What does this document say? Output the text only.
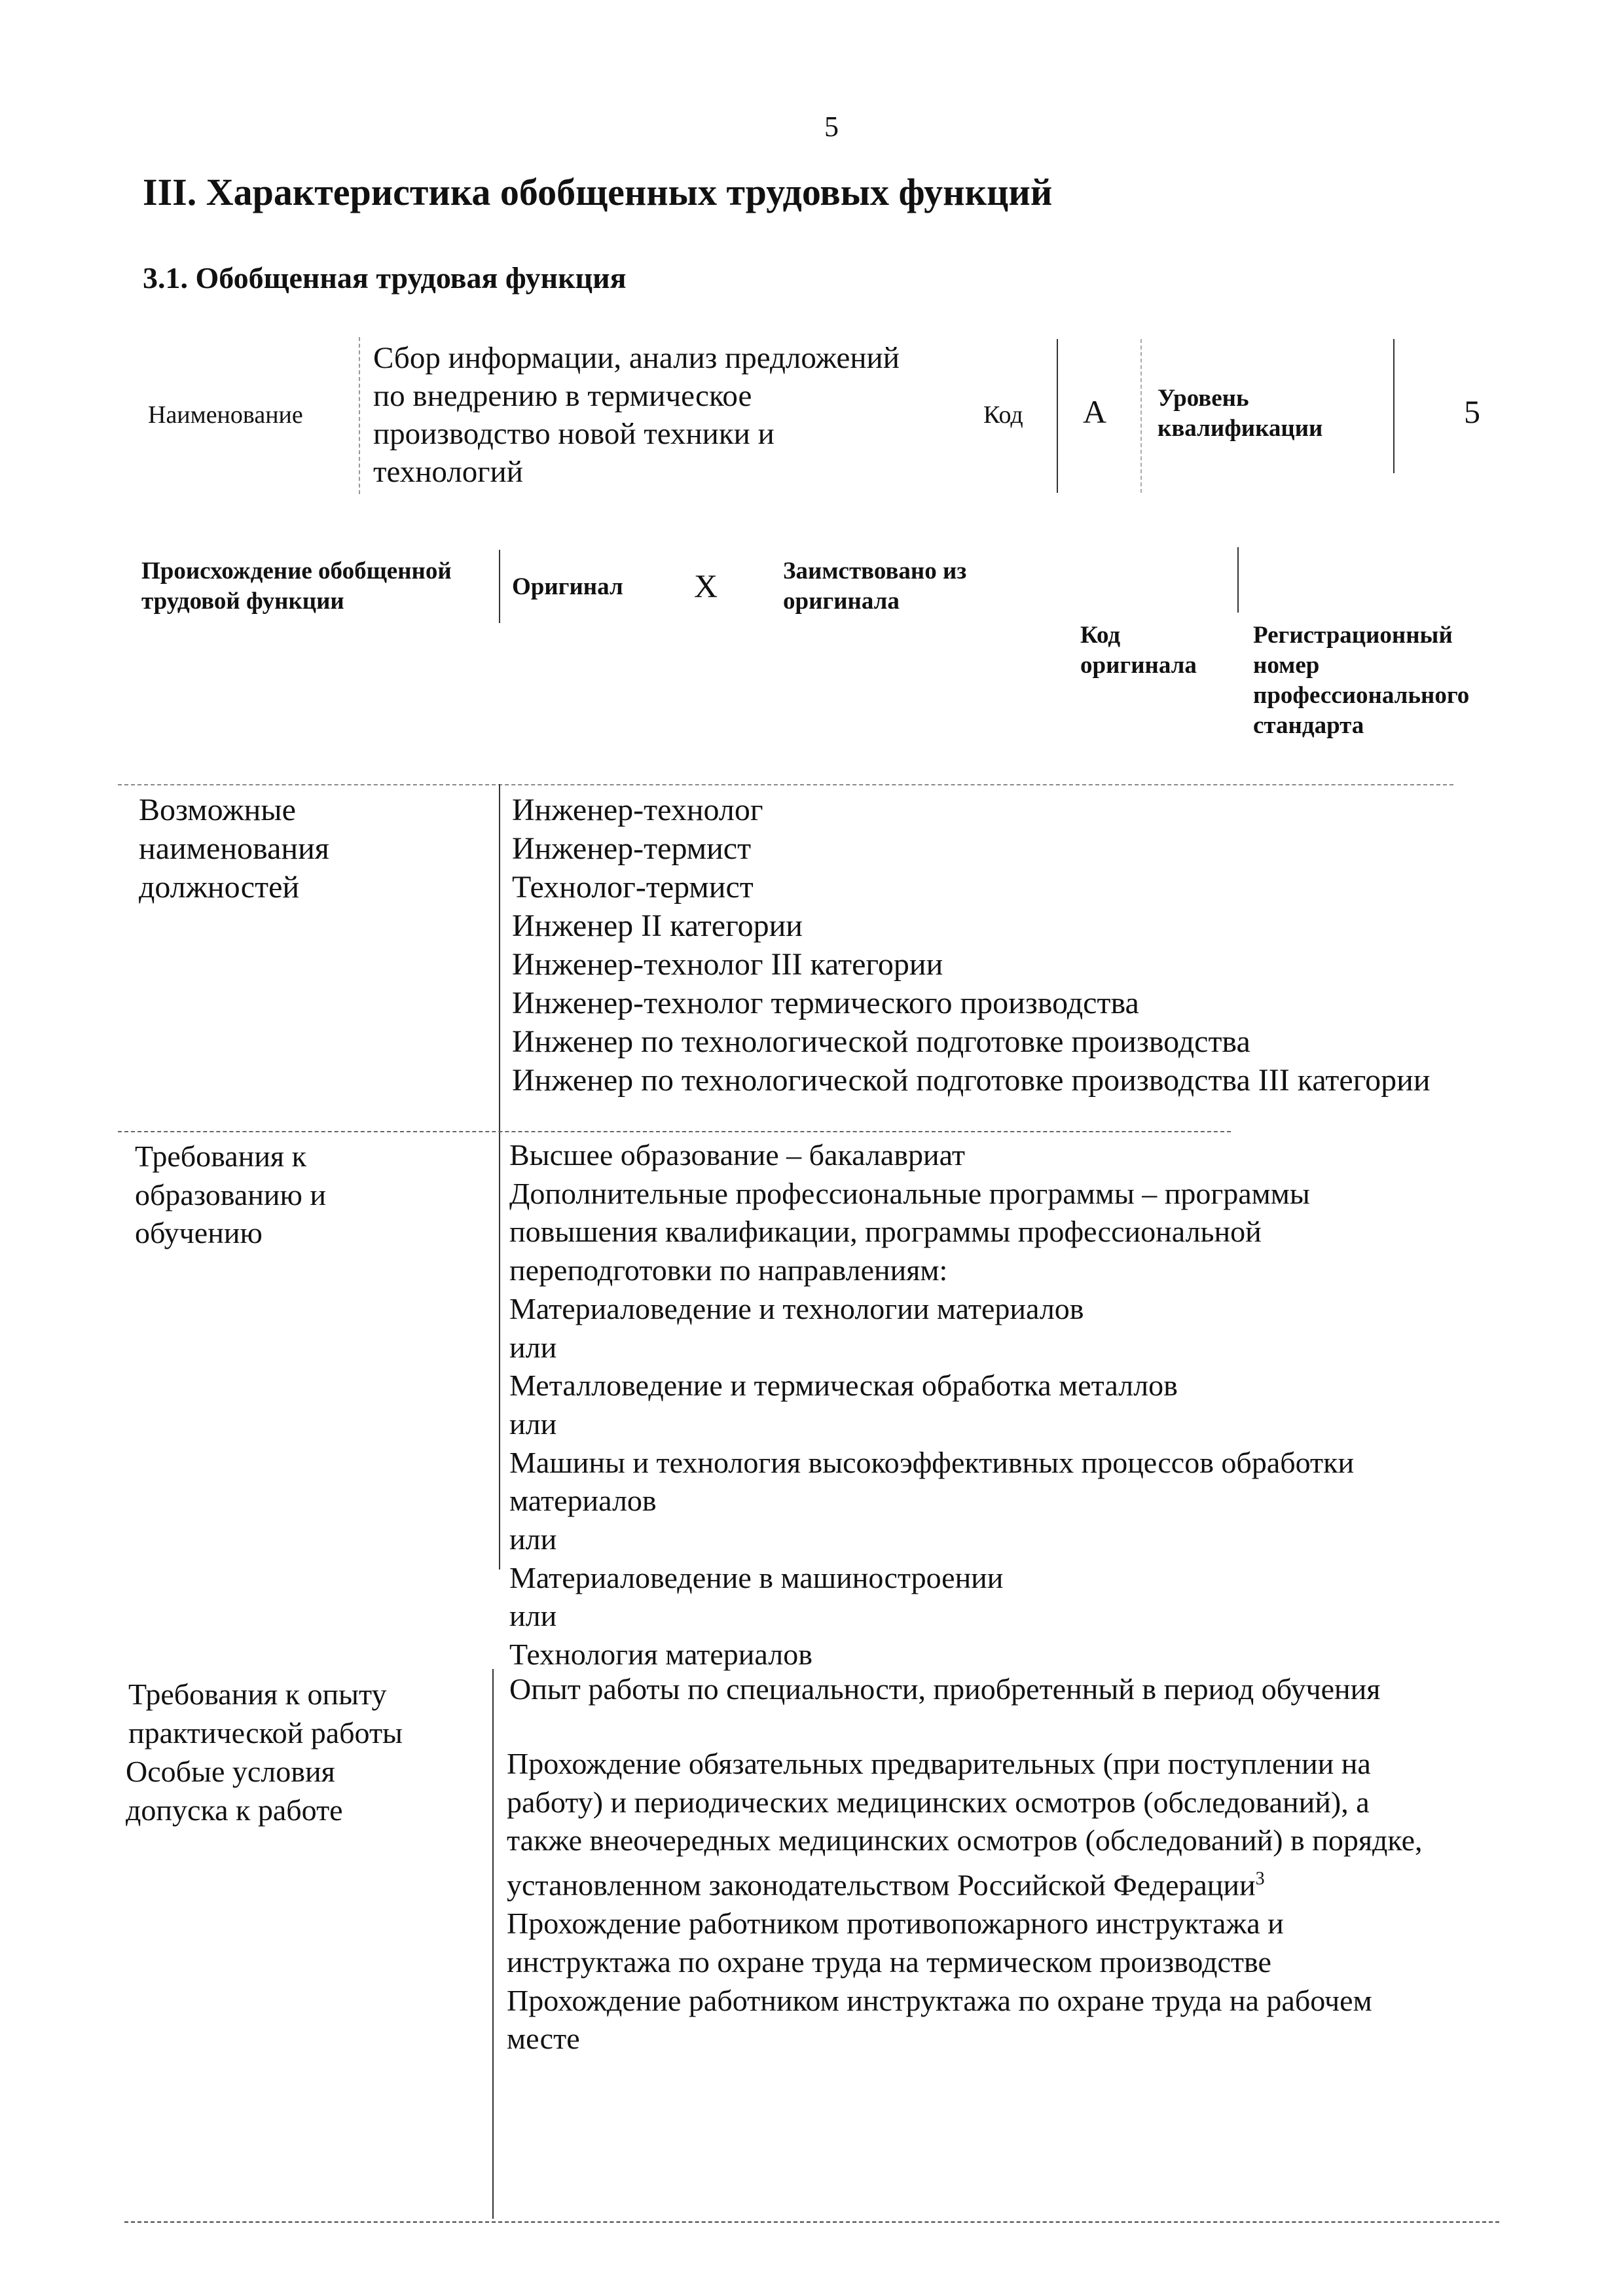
5
III. Характеристика обобщенных трудовых функций
3.1. Обобщенная трудовая функция
Наименование
Сбор информации, анализ предложений
по внедрению в термическое
производство новой техники и
технологий
Код А Уровень
квалификации	5
Происхождение обобщенной
трудовой функции
Оригинал Х	Заимствовано из
оригинала
Код
оригинала
Регистрационный
номер
профессионального
стандарта
Возможные
наименования
должностей
Инженер-технолог
Инженер-термист
Технолог-термист
Инженер II категории
Инженер-технолог III категории
Инженер-технолог термического производства
Инженер по технологической подготовке производства
Инженер по технологической подготовке производства III категории
Требования к
образованию и
обучению
Высшее образование – бакалавриат
Дополнительные профессиональные программы – программы
повышения квалификации, программы профессиональной
переподготовки по направлениям:
Материаловедение и технологии материалов
или
Металловедение и термическая обработка металлов
или
Машины и технология высокоэффективных процессов обработки
материалов
или
Материаловедение в машиностроении
или
Технология материалов
Требования к опыту
практической работы
Опыт работы по специальности, приобретенный в период обучения
Особые условия
допуска к работе
Прохождение обязательных предварительных (при поступлении на
работу) и периодических медицинских осмотров (обследований), а
также внеочередных медицинских осмотров (обследований) в порядке,
установленном законодательством Российской Федерации$^3$
Прохождение работником противопожарного инструктажа и
инструктажа по охране труда на термическом производстве
Прохождение работником инструктажа по охране труда на рабочем
месте
